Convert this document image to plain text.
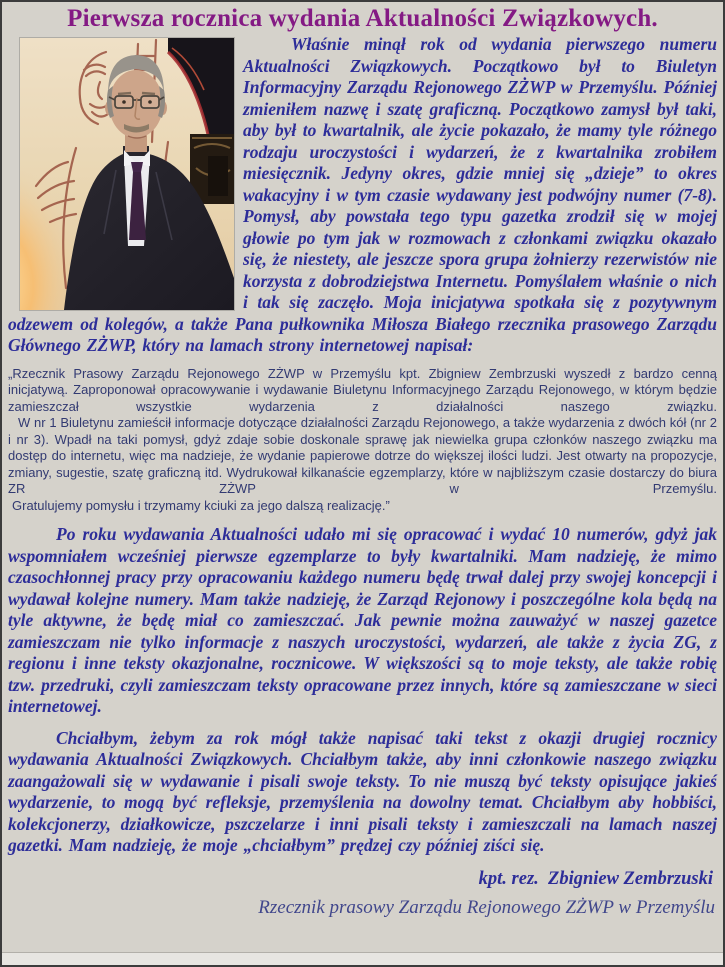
Pierwsza rocznica wydania Aktualności Związkowych.

Właśnie minął rok od wydania pierwszego numeru Aktualności Związkowych. Początkowo był to Biuletyn Informacyjny Zarządu Rejonowego ZŻWP w Przemyślu. Później zmieniłem nazwę i szatę graficzną. Początkowo zamysł był taki, aby był to kwartalnik, ale życie pokazało, że mamy tyle różnego rodzaju uroczystości i wydarzeń, że z kwartalnika zrobiłem miesięcznik. Jedyny okres, gdzie mniej się „dzieje” to okres wakacyjny i w tym czasie wydawany jest podwójny numer (7-8). Pomysł, aby powstała tego typu gazetka zrodził się w mojej głowie po tym jak w rozmowach z członkami związku okazało się, że niestety, ale jeszcze spora grupa żołnierzy rezerwistów nie korzysta z dobrodziejstwa Internetu. Pomyślałem właśnie o nich i tak się zaczęło. Moja inicjatywa spotkała się z pozytywnym odzewem od kolegów, a także Pana pułkownika Miłosza Białego rzecznika prasowego Zarządu Głównego ZŻWP, który na lamach strony internetowej napisał:

„Rzecznik Prasowy Zarządu Rejonowego ZŻWP w Przemyślu kpt. Zbigniew Zembrzuski wyszedł z bardzo cenną inicjatywą. Zaproponował opracowywanie i wydawanie Biuletynu Informacyjnego Zarządu Rejonowego, w którym będzie zamieszczał wszystkie wydarzenia z działalności naszego związku.

W nr 1 Biuletynu zamieścił informacje dotyczące działalności Zarządu Rejonowego, a także wydarzenia z dwóch kół (nr 2 i nr 3). Wpadł na taki pomysł, gdyż zdaje sobie doskonale sprawę jak niewielka grupa członków naszego związku ma dostęp do internetu, więc ma nadzieje, że wydanie papierowe dotrze do większej ilości ludzi. Jest otwarty na propozycje, zmiany, sugestie, szatę graficzną itd. Wydrukował kilkanaście egzemplarzy, które w najbliższym czasie dostarczy do biura ZR ZŻWP w Przemyślu.

Gratulujemy pomysłu i trzymamy kciuki za jego dalszą realizację.”

Po roku wydawania Aktualności udało mi się opracować i wydać 10 numerów, gdyż jak wspomniałem wcześniej pierwsze egzemplarze to były kwartalniki. Mam nadzieję, że mimo czasochłonnej pracy przy opracowaniu każdego numeru będę trwał dalej przy swojej koncepcji i wydawał kolejne numery. Mam także nadzieję, że Zarząd Rejonowy i poszczególne kola będą na tyle aktywne, że będę miał co zamieszczać. Jak pewnie można zauważyć w naszej gazetce zamieszczam nie tylko informacje z naszych uroczystości, wydarzeń, ale także z życia ZG, z regionu i inne teksty okazjonalne, rocznicowe. W większości są to moje teksty, ale także robię tzw. przedruki, czyli zamieszczam teksty opracowane przez innych, które są zamieszczane w sieci internetowej.

Chciałbym, żebym za rok mógł także napisać taki tekst z okazji drugiej rocznicy wydawania Aktualności Związkowych. Chciałbym także, aby inni członkowie naszego związku zaangażowali się w wydawanie i pisali swoje teksty. To nie muszą być teksty opisujące jakieś wydarzenie, to mogą być refleksje, przemyślenia na dowolny temat. Chciałbym aby hobbiści, kolekcjonerzy, działkowicze, pszczelarze i inni pisali teksty i zamieszczali na lamach naszej gazetki. Mam nadzieję, że moje „chciałbym” prędzej czy później ziści się.

kpt. rez.  Zbigniew Zembrzuski

Rzecznik prasowy Zarządu Rejonowego ZŻWP w Przemyślu
